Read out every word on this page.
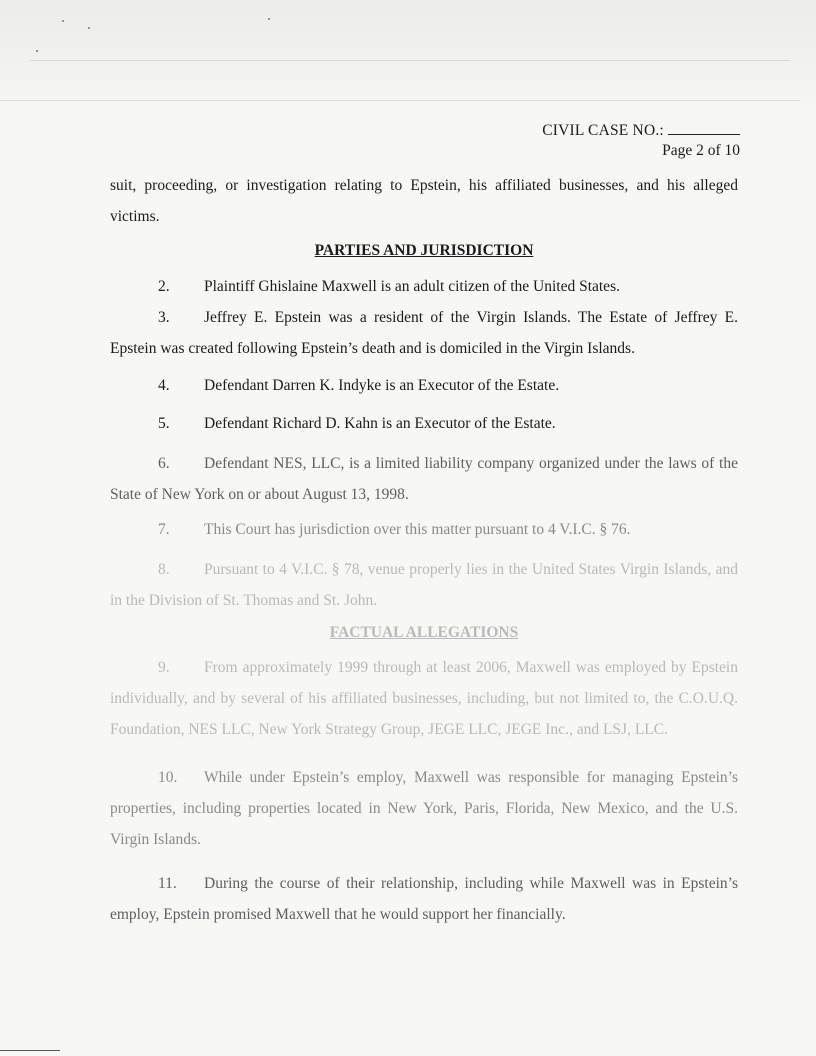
CIVIL CASE NO.:
Page 2 of 10
suit, proceeding, or investigation relating to Epstein, his affiliated businesses, and his alleged victims.
PARTIES AND JURISDICTION
2. Plaintiff Ghislaine Maxwell is an adult citizen of the United States.
3. Jeffrey E. Epstein was a resident of the Virgin Islands. The Estate of Jeffrey E. Epstein was created following Epstein’s death and is domiciled in the Virgin Islands.
4. Defendant Darren K. Indyke is an Executor of the Estate.
5. Defendant Richard D. Kahn is an Executor of the Estate.
6. Defendant NES, LLC, is a limited liability company organized under the laws of the State of New York on or about August 13, 1998.
7. This Court has jurisdiction over this matter pursuant to 4 V.I.C. § 76.
8. Pursuant to 4 V.I.C. § 78, venue properly lies in the United States Virgin Islands, and in the Division of St. Thomas and St. John.
FACTUAL ALLEGATIONS
9. From approximately 1999 through at least 2006, Maxwell was employed by Epstein individually, and by several of his affiliated businesses, including, but not limited to, the C.O.U.Q. Foundation, NES LLC, New York Strategy Group, JEGE LLC, JEGE Inc., and LSJ, LLC.
10. While under Epstein’s employ, Maxwell was responsible for managing Epstein’s properties, including properties located in New York, Paris, Florida, New Mexico, and the U.S. Virgin Islands.
11. During the course of their relationship, including while Maxwell was in Epstein’s employ, Epstein promised Maxwell that he would support her financially.
